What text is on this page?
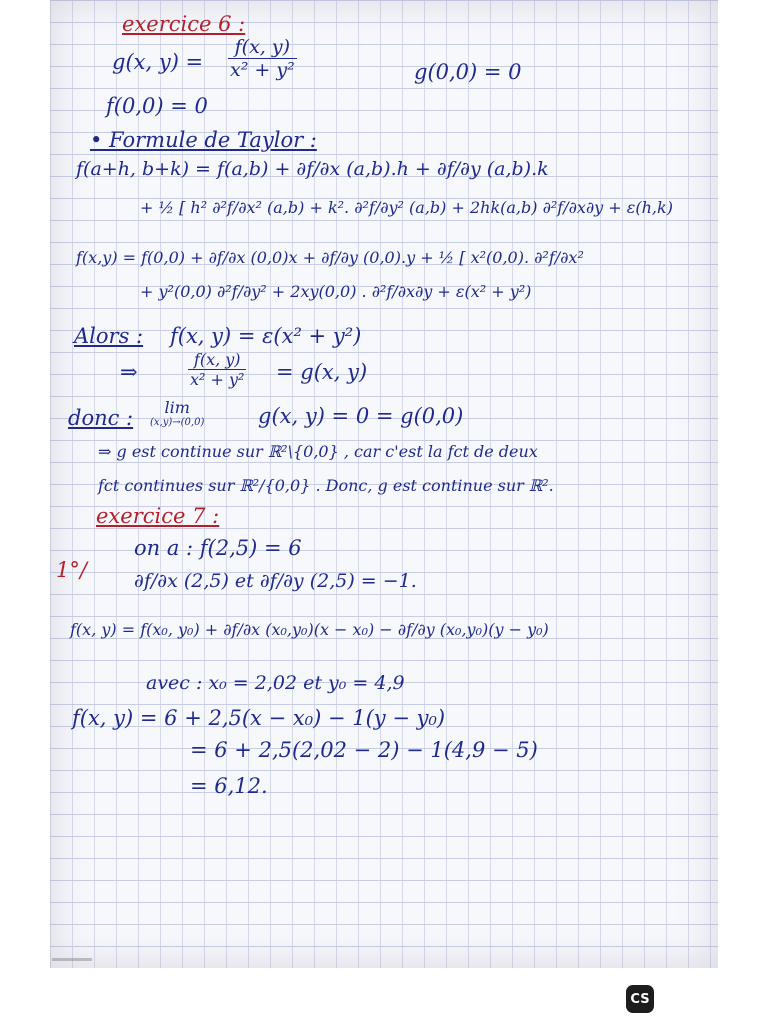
exercice 6 :
g(x, $y) = \frac{f(x, y)}{\text{x² + y²}}$	g(0,0) = 0
f(0,0) = 0
• Formule de Taylor :
f(a+h, b+k) = f(a,b) + ∂f/∂x (a,b).h + ∂f/∂y (a,b).k
+ ½ [ h² ∂²f/∂x² (a,b) + k². ∂²f/∂y² (a,b) + 2hk(a,b) ∂²f/∂x∂y + ε(h,k)
f(x,y) = f(0,0) + ∂f/∂x (0,0)x + ∂f/∂y (0,0).y + ½ [ x²(0,0). ∂²f/∂x²
+ y²(0,0) ∂²f/∂y² + 2xy(0,0) . ∂²f/∂x∂y + ε(x² + y²)
Alors : f(x, y) = ε(x² + y²)
⇒	$\frac{f(x, y)}{\text{x² + y²}} = g(x$, y)
donc :	lim
(x,y)→(0,0)	g(x, y) = 0 = g(0,0)
⇒ g est continue sur ℝ²\{0,0} , car c'est la fct de deux
fct continues sur ℝ²/{0,0} . Donc, g est continue sur ℝ².
exercice 7 :
1°/
on a : f(2,5) = 6
∂f/∂x (2,5) et ∂f/∂y (2,5) = −1.
f(x, y) = f(x₀, y₀) + ∂f/∂x (x₀,y₀)(x − x₀) − ∂f/∂y (x₀,y₀)(y − y₀)
avec : x₀ = 2,02 et y₀ = 4,9
f(x, y) = 6 + 2,5(x − x₀) − 1(y − y₀)
= 6 + 2,5(2,02 − 2) − 1(4,9 − 5)
= 6,12.
CS
